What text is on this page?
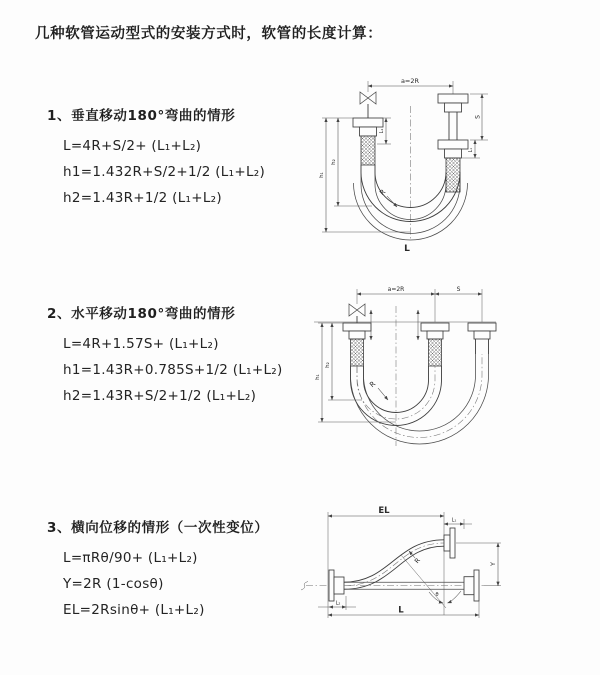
几种软管运动型式的安装方式时，软管的长度计算：
1、垂直移动180°弯曲的情形
L=4R+S/2+ (L₁+L₂)
h1=1.432R+S/2+1/2 (L₁+L₂)
h2=1.43R+1/2 (L₁+L₂)
2、水平移动180°弯曲的情形
L=4R+1.57S+ (L₁+L₂)
h1=1.43R+0.785S+1/2 (L₁+L₂)
h2=1.43R+S/2+1/2 (L₁+L₂)
3、横向位移的情形（一次性变位）
L=πRθ/90+ (L₁+L₂)
Y=2R (1-cosθ)
EL=2Rsinθ+ (L₁+L₂)
a=2R
L₁
S
L₁
h₁
h₂
R
L
a=2R	S
h₁
h₂
R
EL
L₁
Y
R
θ
L₂
L
